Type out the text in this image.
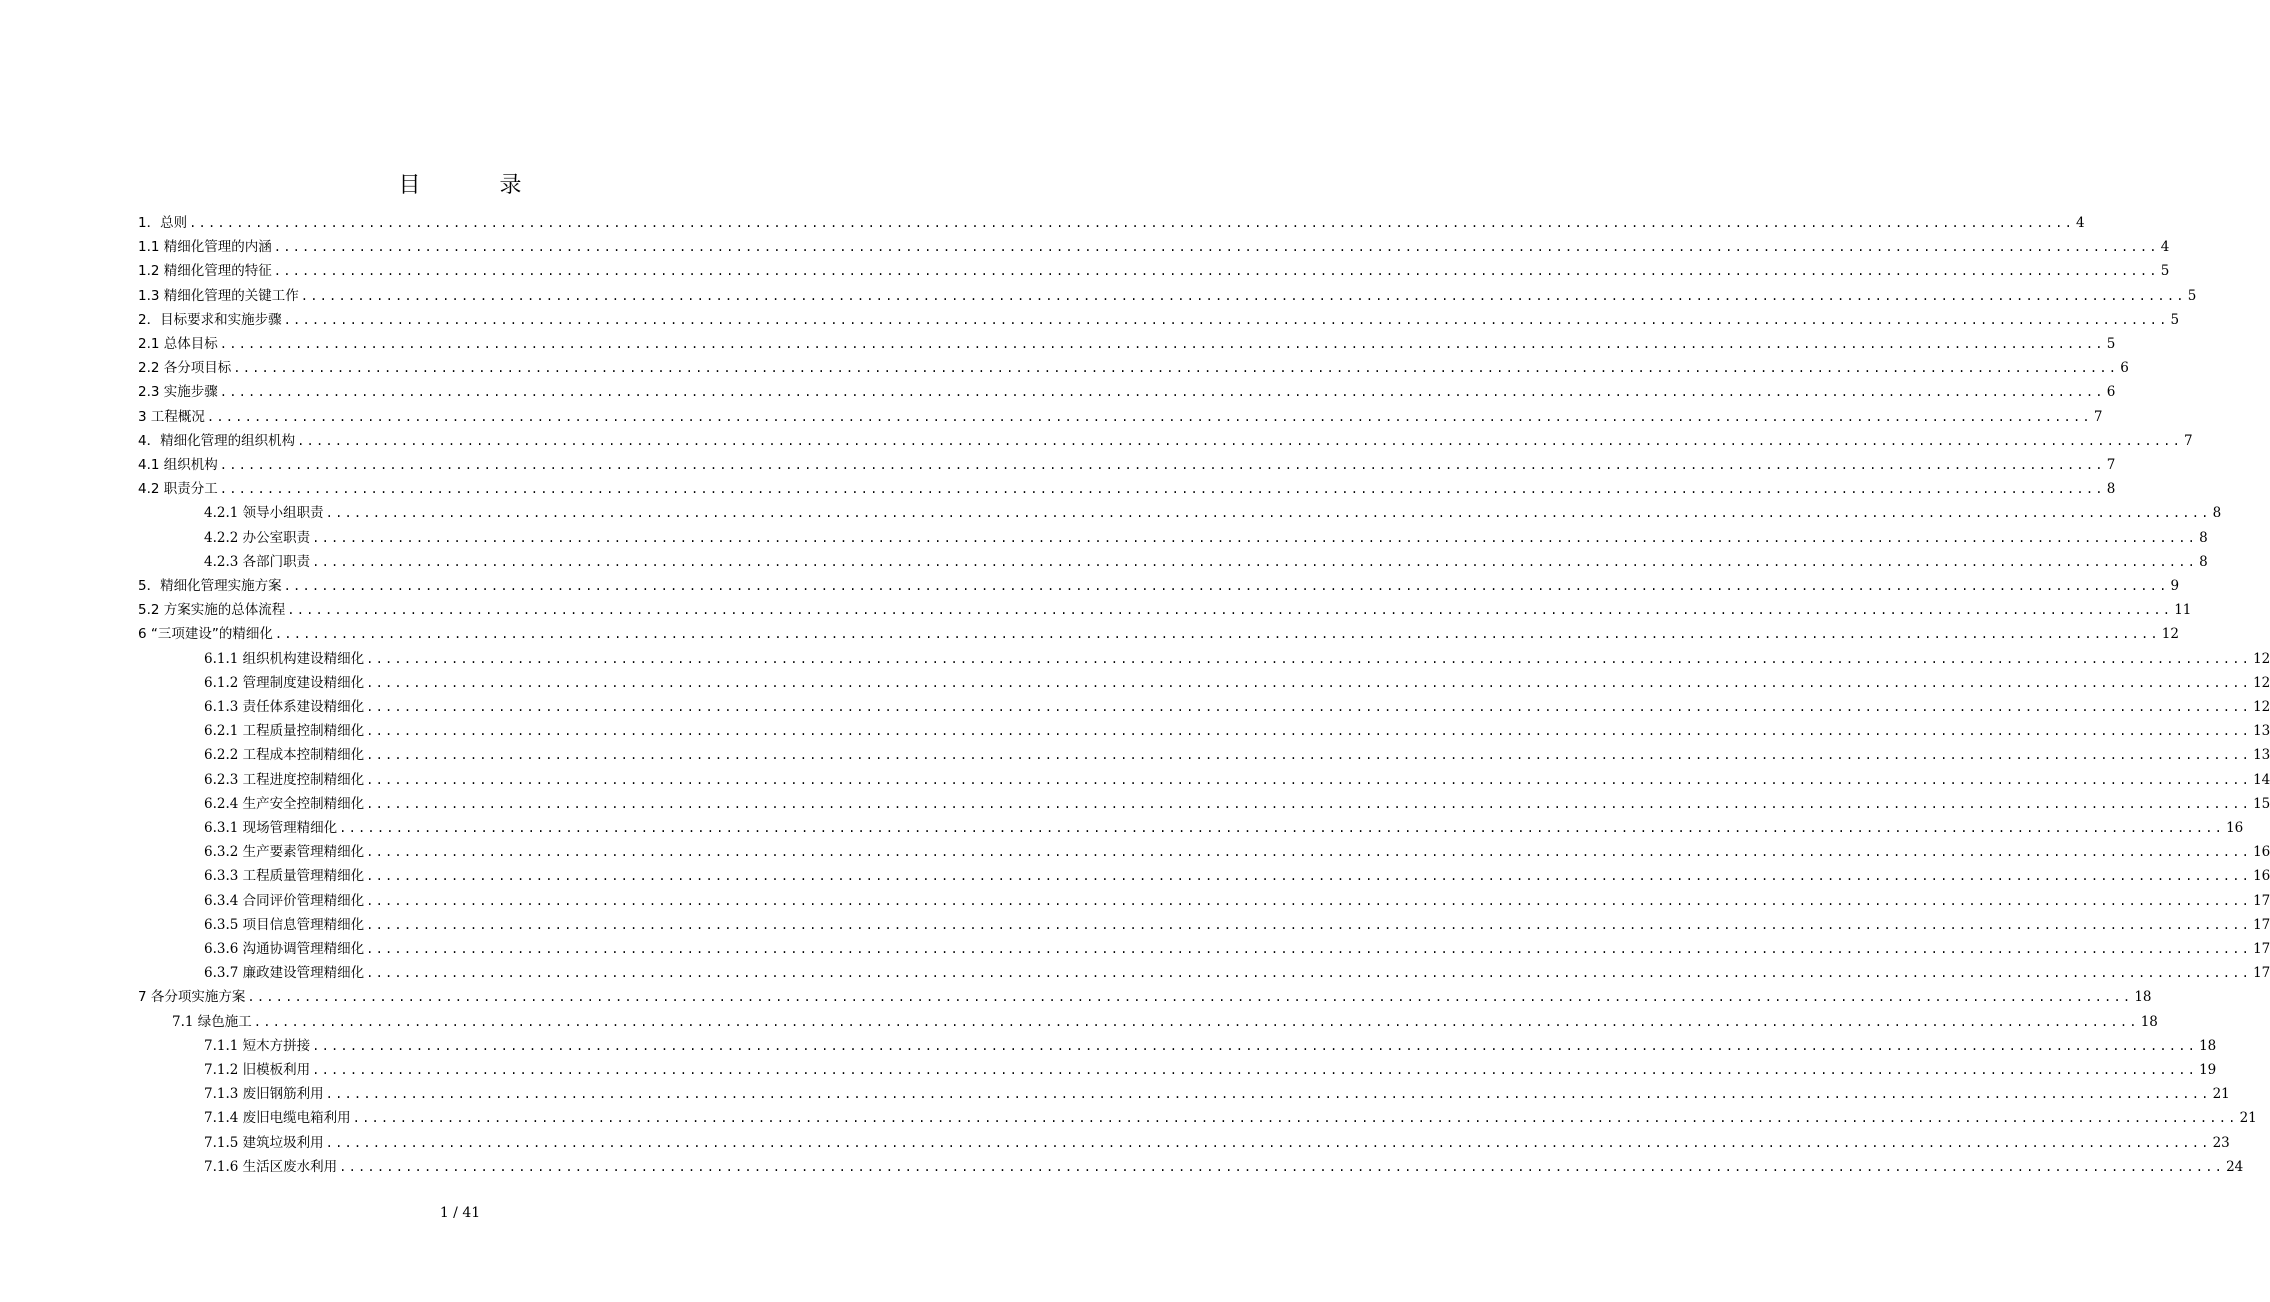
目 录
1．总则 ........................................................................................................................................................................................................ 4
1.1 精细化管理的内涵 ........................................................................................................................................................................................................ 4
1.2 精细化管理的特征 ........................................................................................................................................................................................................ 5
1.3 精细化管理的关键工作 ........................................................................................................................................................................................................ 5
2．目标要求和实施步骤 ........................................................................................................................................................................................................ 5
2.1 总体目标 ........................................................................................................................................................................................................ 5
2.2 各分项目标 ........................................................................................................................................................................................................ 6
2.3 实施步骤 ........................................................................................................................................................................................................ 6
3 工程概况 ........................................................................................................................................................................................................ 7
4．精细化管理的组织机构 ........................................................................................................................................................................................................ 7
4.1 组织机构 ........................................................................................................................................................................................................ 7
4.2 职责分工 ........................................................................................................................................................................................................ 8
4.2.1 领导小组职责 ........................................................................................................................................................................................................ 8
4.2.2 办公室职责 ........................................................................................................................................................................................................ 8
4.2.3 各部门职责 ........................................................................................................................................................................................................ 8
5．精细化管理实施方案 ........................................................................................................................................................................................................ 9
5.2 方案实施的总体流程 ........................................................................................................................................................................................................ 11
6 “三项建设”的精细化 ........................................................................................................................................................................................................ 12
6.1.1 组织机构建设精细化 ........................................................................................................................................................................................................ 12
6.1.2 管理制度建设精细化 ........................................................................................................................................................................................................ 12
6.1.3 责任体系建设精细化 ........................................................................................................................................................................................................ 12
6.2.1 工程质量控制精细化 ........................................................................................................................................................................................................ 13
6.2.2 工程成本控制精细化 ........................................................................................................................................................................................................ 13
6.2.3 工程进度控制精细化 ........................................................................................................................................................................................................ 14
6.2.4 生产安全控制精细化 ........................................................................................................................................................................................................ 15
6.3.1 现场管理精细化 ........................................................................................................................................................................................................ 16
6.3.2 生产要素管理精细化 ........................................................................................................................................................................................................ 16
6.3.3 工程质量管理精细化 ........................................................................................................................................................................................................ 16
6.3.4 合同评价管理精细化 ........................................................................................................................................................................................................ 17
6.3.5 项目信息管理精细化 ........................................................................................................................................................................................................ 17
6.3.6 沟通协调管理精细化 ........................................................................................................................................................................................................ 17
6.3.7 廉政建设管理精细化 ........................................................................................................................................................................................................ 17
7 各分项实施方案 ........................................................................................................................................................................................................ 18
7.1 绿色施工 ........................................................................................................................................................................................................ 18
7.1.1 短木方拼接 ........................................................................................................................................................................................................ 18
7.1.2 旧模板利用 ........................................................................................................................................................................................................ 19
7.1.3 废旧钢筋利用 ........................................................................................................................................................................................................ 21
7.1.4 废旧电缆电箱利用 ........................................................................................................................................................................................................ 21
7.1.5 建筑垃圾利用 ........................................................................................................................................................................................................ 23
7.1.6 生活区废水利用 ........................................................................................................................................................................................................ 24
1 / 41
